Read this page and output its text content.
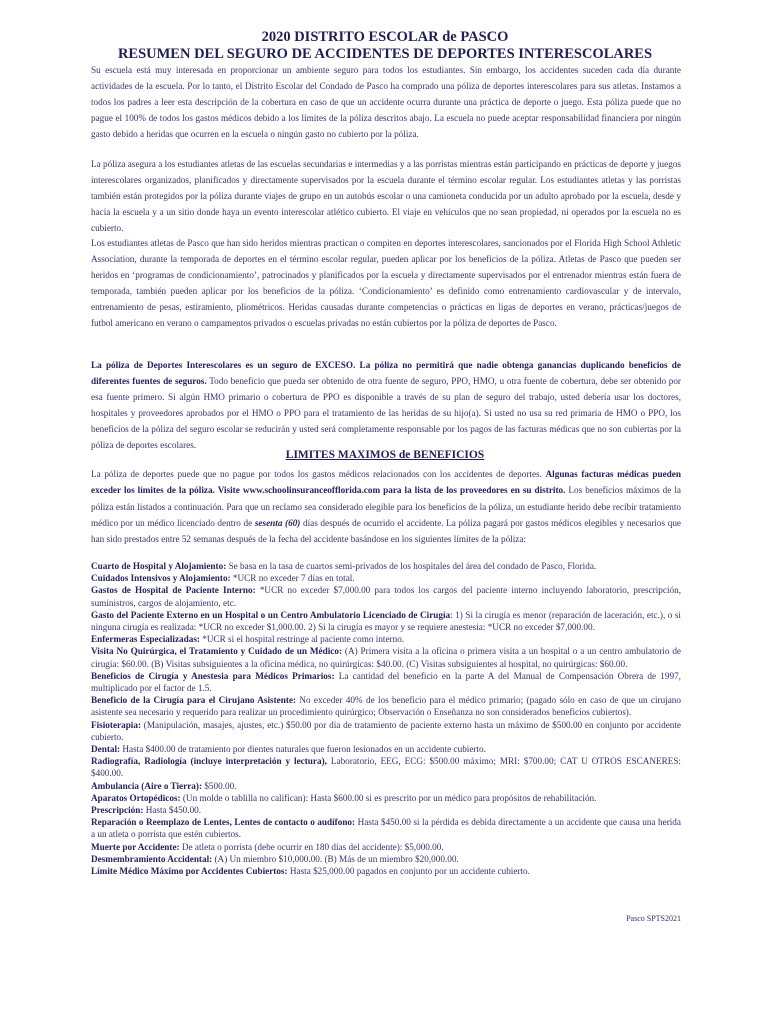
2020 DISTRITO ESCOLAR de PASCO
RESUMEN DEL SEGURO DE ACCIDENTES DE DEPORTES INTERESCOLARES
Su escuela está muy interesada en proporcionar un ambiente seguro para todos los estudiantes. Sin embargo, los accidentes suceden cada día durante actividades de la escuela. Por lo tanto, el Distrito Escolar del Condado de Pasco ha comprado una póliza de deportes interescolares para sus atletas. Instamos a todos los padres a leer esta descripción de la cobertura en caso de que un accidente ocurra durante una práctica de deporte o juego. Esta póliza puede que no pague el 100% de todos los gastos médicos debido a los límites de la póliza descritos abajo. La escuela no puede aceptar responsabilidad financiera por ningún gasto debido a heridas que ocurren en la escuela o ningún gasto no cubierto por la póliza.
La póliza asegura a los estudiantes atletas de las escuelas secundarias e intermedias y a las porristas mientras están participando en prácticas de deporte y juegos interescolares organizados, planificados y directamente supervisados por la escuela durante el término escolar regular. Los estudiantes atletas y las porristas también están protegidos por la póliza durante viajes de grupo en un autobús escolar o una camioneta conducida por un adulto aprobado por la escuela, desde y hacia la escuela y a un sitio donde haya un evento interescolar atlético cubierto. El viaje en vehículos que no sean propiedad, ni operados por la escuela no es cubierto.
Los estudiantes atletas de Pasco que han sido heridos mientras practican o compiten en deportes interescolares, sancionados por el Florida High School Athletic Association, durante la temporada de deportes en el término escolar regular, pueden aplicar por los beneficios de la póliza. Atletas de Pasco que pueden ser heridos en ‘programas de condicionamiento’, patrocinados y planificados por la escuela y directamente supervisados por el entrenador mientras están fuera de temporada, también pueden aplicar por los beneficios de la póliza. ‘Condicionamiento’ es definido como entrenamiento cardiovascular y de intervalo, entrenamiento de pesas, estiramiento, pliométricos. Heridas causadas durante competencias o prácticas en ligas de deportes en verano, prácticas/juegos de futbol americano en verano o campamentos privados o escuelas privadas no están cubiertos por la póliza de deportes de Pasco.
La póliza de Deportes Interescolares es un seguro de EXCESO. La póliza no permitirá que nadie obtenga ganancias duplicando beneficios de diferentes fuentes de seguros. Todo beneficio que pueda ser obtenido de otra fuente de seguro, PPO, HMO, u otra fuente de cobertura, debe ser obtenido por esa fuente primero. Si algún HMO primario o cobertura de PPO es disponible a través de su plan de seguro del trabajo, usted debería usar los doctores, hospitales y proveedores aprobados por el HMO o PPO para el tratamiento de las heridas de su hijo(a). Si usted no usa su red primaria de HMO o PPO, los beneficios de la póliza del seguro escolar se reducirán y usted será completamente responsable por los pagos de las facturas médicas que no son cubiertas por la póliza de deportes escolares.
LIMITES MAXIMOS de BENEFICIOS
La póliza de deportes puede que no pague por todos los gastos médicos relacionados con los accidentes de deportes. Algunas facturas médicas pueden exceder los límites de la póliza. Visite www.schoolinsuranceofflorida.com para la lista de los proveedores en su distrito. Los beneficios máximos de la póliza están listados a continuación. Para que un reclamo sea considerado elegible para los beneficios de la póliza, un estudiante herido debe recibir tratamiento médico por un médico licenciado dentro de sesenta (60) días después de ocurrido el accidente. La póliza pagará por gastos médicos elegibles y necesarios que han sido prestados entre 52 semanas después de la fecha del accidente basándose en los siguientes límites de la póliza:
Cuarto de Hospital y Alojamiento: Se basa en la tasa de cuartos semi-privados de los hospitales del área del condado de Pasco, Florida.
Cuidados Intensivos y Alojamiento: *UCR no exceder 7 días en total.
Gastos de Hospital de Paciente Interno: *UCR no exceder $7,000.00 para todos los cargos del paciente interno incluyendo laboratorio, prescripción, suministros, cargos de alojamiento, etc.
Gasto del Paciente Externo en un Hospital o un Centro Ambulatorio Licenciado de Cirugía: 1) Si la cirugía es menor (reparación de laceración, etc.), o si ninguna cirugía es realizada: *UCR no exceder $1,000.00. 2) Si la cirugía es mayor y se requiere anestesia: *UCR no exceder $7,000.00.
Enfermeras Especializadas: *UCR si el hospital restringe al paciente como interno.
Visita No Quirúrgica, el Tratamiento y Cuidado de un Médico: (A) Primera visita a la oficina o primera visita a un hospital o a un centro ambulatorio de cirugía: $60.00. (B) Visitas subsiguientes a la oficina médica, no quirúrgicas: $40.00. (C) Visitas subsiguientes al hospital, no quirúrgicas: $60.00.
Beneficios de Cirugía y Anestesia para Médicos Primarios: La cantidad del beneficio en la parte A del Manual de Compensación Obrera de 1997, multiplicado por el factor de 1.5.
Beneficio de la Cirugía para el Cirujano Asistente: No exceder 40% de los beneficio para el médico primario; (pagado sólo en caso de que un cirujano asistente sea necesario y requerido para realizar un procedimiento quirúrgico; Observación o Enseñanza no son considerados beneficios cubiertos).
Fisioterapia: (Manipulación, masajes, ajustes, etc.) $50.00 por día de tratamiento de paciente externo hasta un máximo de $500.00 en conjunto por accidente cubierto.
Dental: Hasta $400.00 de tratamiento por dientes naturales que fueron lesionados en un accidente cubierto.
Radiografía, Radiología (incluye interpretación y lectura), Laboratorio, EEG, ECG: $500.00 máximo; MRI: $700.00; CAT U OTROS ESCANERES: $400.00.
Ambulancia (Aire o Tierra): $500.00.
Aparatos Ortopédicos: (Un molde o tablilla no califican): Hasta $600.00 si es prescrito por un médico para propósitos de rehabilitación.
Prescripción: Hasta $450.00.
Reparación o Reemplazo de Lentes, Lentes de contacto o audífono: Hasta $450.00 si la pérdida es debida directamente a un accidente que causa una herida a un atleta o porrista que estén cubiertos.
Muerte por Accidente: De atleta o porrista (debe ocurrir en 180 días del accidente): $5,000.00.
Desmembramiento Accidental: (A) Un miembro $10,000.00. (B) Más de un miembro $20,000.00.
Límite Médico Máximo por Accidentes Cubiertos: Hasta $25,000.00 pagados en conjunto por un accidente cubierto.
Pasco SPTS2021
